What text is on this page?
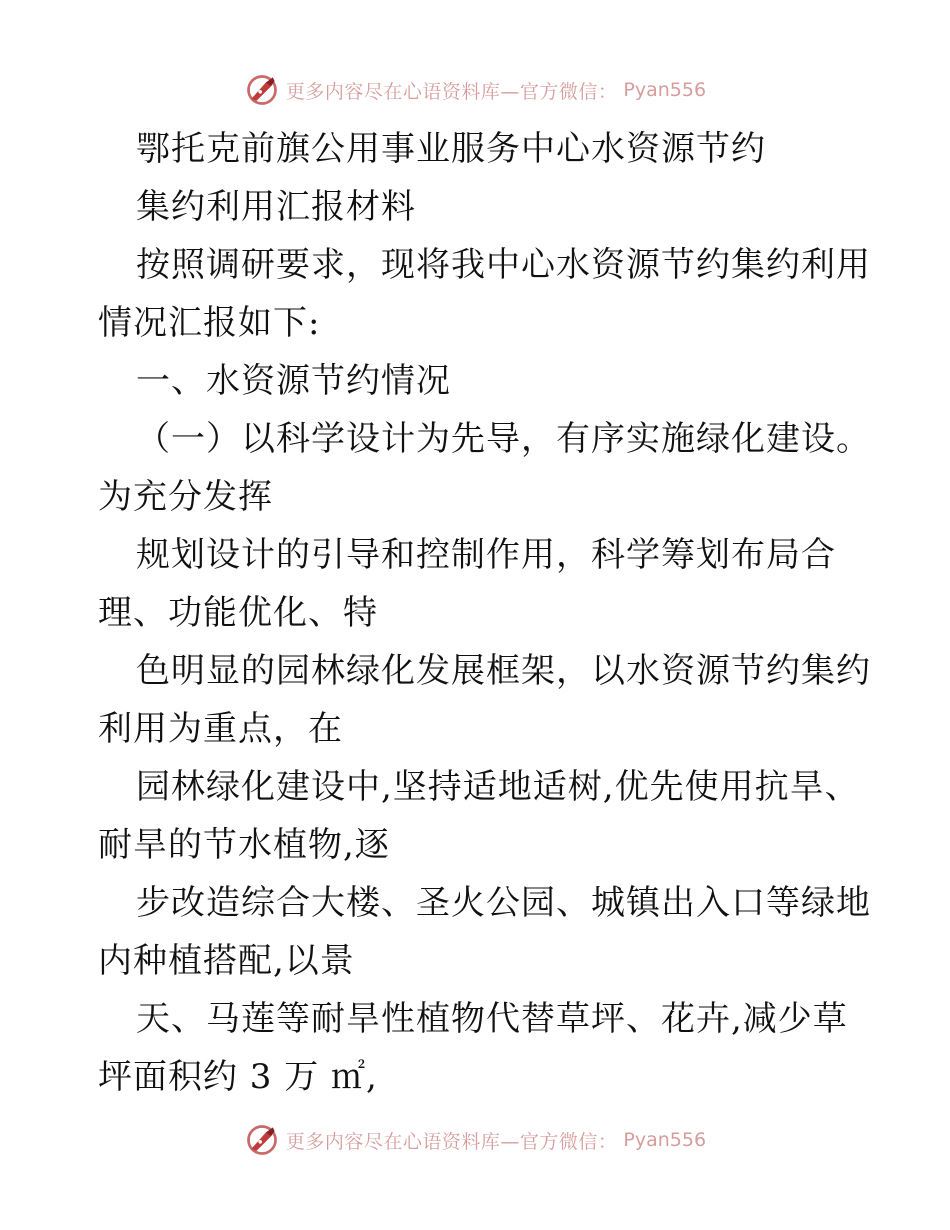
更多内容尽在心语资料库—官方微信： Pyan556
鄂托克前旗公用事业服务中心水资源节约
集约利用汇报材料
按照调研要求，现将我中心水资源节约集约利用
情况汇报如下:
一、水资源节约情况
（一）以科学设计为先导，有序实施绿化建设。
为充分发挥
规划设计的引导和控制作用，科学筹划布局合
理、功能优化、特
色明显的园林绿化发展框架，以水资源节约集约
利用为重点，在
园林绿化建设中,坚持适地适树,优先使用抗旱、
耐旱的节水植物,逐
步改造综合大楼、圣火公园、城镇出入口等绿地
内种植搭配,以景
天、马莲等耐旱性植物代替草坪、花卉,减少草
坪面积约 3 万 ㎡,
更多内容尽在心语资料库—官方微信： Pyan556
